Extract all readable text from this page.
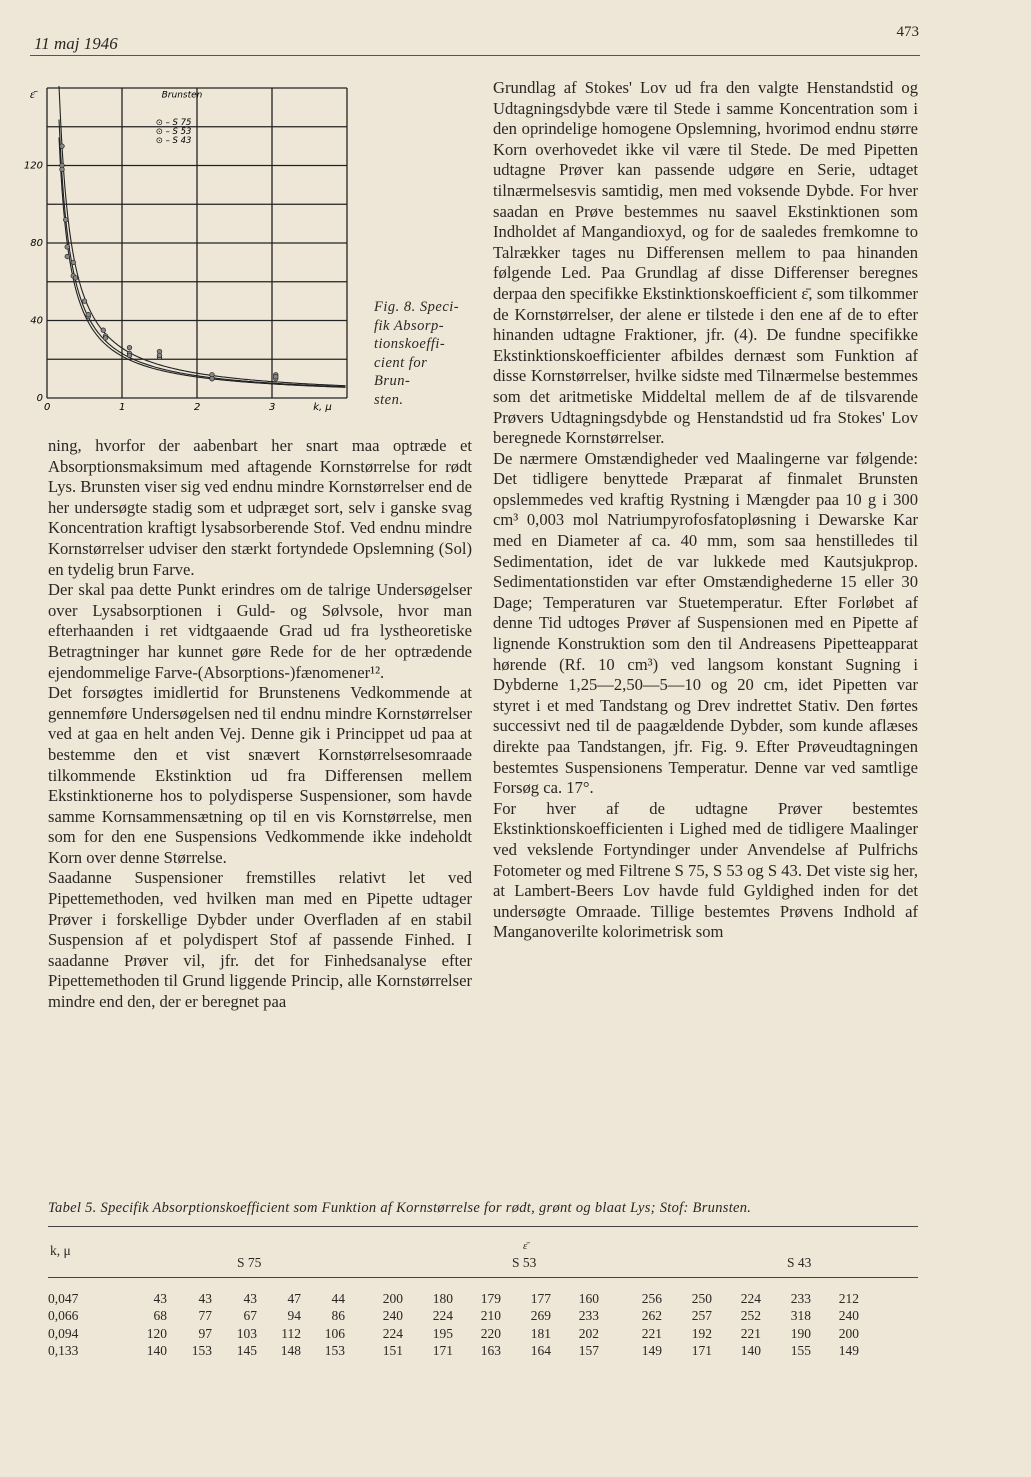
11 maj 1946
473
0	1	2	3
0
40
80
120
k, μ
ε̄	Brunsten
⊙ – S 75
⊙ – S 53
⊙ – S 43
Fig. 8. Speci-
fik Absorp-
tionskoeffi-
cient for Brun-
sten.

ning, hvorfor der aabenbart her snart maa optræde et Absorptionsmaksimum med aftagende Kornstørrelse for rødt Lys. Brunsten viser sig ved endnu mindre Kornstørrelser end de her undersøgte stadig som et udpræget sort, selv i ganske svag Koncentration kraftigt lysabsorberende Stof. Ved endnu mindre Kornstørrelser udviser den stærkt fortyndede Opslemning (Sol) en tydelig brun Farve.

Der skal paa dette Punkt erindres om de talrige Undersøgelser over Lysabsorptionen i Guld- og Sølvsole, hvor man efterhaanden i ret vidtgaaende Grad ud fra lystheoretiske Betragtninger har kunnet gøre Rede for de her optrædende ejendommelige Farve-(Absorptions-)fænomener¹².

Det forsøgtes imidlertid for Brunstenens Vedkommende at gennemføre Undersøgelsen ned til endnu mindre Kornstørrelser ved at gaa en helt anden Vej. Denne gik i Princippet ud paa at bestemme den et vist snævert Kornstørrelsesomraade tilkommende Ekstinktion ud fra Differensen mellem Ekstinktionerne hos to polydisperse Suspensioner, som havde samme Kornsammensætning op til en vis Kornstørrelse, men som for den ene Suspensions Vedkommende ikke indeholdt Korn over denne Størrelse.

Saadanne Suspensioner fremstilles relativt let ved Pipettemethoden, ved hvilken man med en Pipette udtager Prøver i forskellige Dybder under Overfladen af en stabil Suspension af et polydispert Stof af passende Finhed. I saadanne Prøver vil, jfr. det for Finhedsanalyse efter Pipettemethoden til Grund liggende Princip, alle Kornstørrelser mindre end den, der er beregnet paa

Grundlag af Stokes' Lov ud fra den valgte Henstandstid og Udtagningsdybde være til Stede i samme Koncentration som i den oprindelige homogene Opslemning, hvorimod endnu større Korn overhovedet ikke vil være til Stede. De med Pipetten udtagne Prøver kan passende udgøre en Serie, udtaget tilnærmelsesvis samtidig, men med voksende Dybde. For hver saadan en Prøve bestemmes nu saavel Ekstinktionen som Indholdet af Mangandioxyd, og for de saaledes fremkomne to Talrækker tages nu Differensen mellem to paa hinanden følgende Led. Paa Grundlag af disse Differenser beregnes derpaa den specifikke Ekstinktionskoefficient ε̄, som tilkommer de Kornstørrelser, der alene er tilstede i den ene af de to efter hinanden udtagne Fraktioner, jfr. (4). De fundne specifikke Ekstinktionskoefficienter afbildes dernæst som Funktion af disse Kornstørrelser, hvilke sidste med Tilnærmelse bestemmes som det aritmetiske Middeltal mellem de af de tilsvarende Prøvers Udtagningsdybde og Henstandstid ud fra Stokes' Lov beregnede Kornstørrelser.

De nærmere Omstændigheder ved Maalingerne var følgende: Det tidligere benyttede Præparat af finmalet Brunsten opslemmedes ved kraftig Rystning i Mængder paa 10 g i 300 cm³ 0,003 mol Natriumpyrofosfatopløsning i Dewarske Kar med en Diameter af ca. 40 mm, som saa henstilledes til Sedimentation, idet de var lukkede med Kautsjukprop. Sedimentationstiden var efter Omstændighederne 15 eller 30 Dage; Temperaturen var Stuetemperatur. Efter Forløbet af denne Tid udtoges Prøver af Suspensionen med en Pipette af lignende Konstruktion som den til Andreasens Pipetteapparat hørende (Rf. 10 cm³) ved langsom konstant Sugning i Dybderne 1,25—2,50—5—10 og 20 cm, idet Pipetten var styret i et med Tandstang og Drev indrettet Stativ. Den førtes successivt ned til de paagældende Dybder, som kunde aflæses direkte paa Tandstangen, jfr. Fig. 9. Efter Prøveudtagningen bestemtes Suspensionens Temperatur. Denne var ved samtlige Forsøg ca. 17°.

For hver af de udtagne Prøver bestemtes Ekstinktionskoefficienten i Lighed med de tidligere Maalinger ved vekslende Fortyndinger under Anvendelse af Pulfrichs Fotometer og med Filtrene S 75, S 53 og S 43. Det viste sig her, at Lambert-Beers Lov havde fuld Gyldighed inden for det undersøgte Omraade. Tillige bestemtes Prøvens Indhold af Manganoverilte kolorimetrisk som

Tabel 5. Specifik Absorptionskoefficient som Funktion af Kornstørrelse for rødt, grønt og blaat Lys; Stof: Brunsten.
k, μ	ε̄
S 75	S 53	S 43
0,047	43	43	43	47	44	200	180	179	177	160	256	250	224	233	212
0,066	68	77	67	94	86	240	224	210	269	233	262	257	252	318	240
0,094	120	97	103	112	106	224	195	220	181	202	221	192	221	190	200
0,133	140	153	145	148	153	151	171	163	164	157	149	171	140	155	149
